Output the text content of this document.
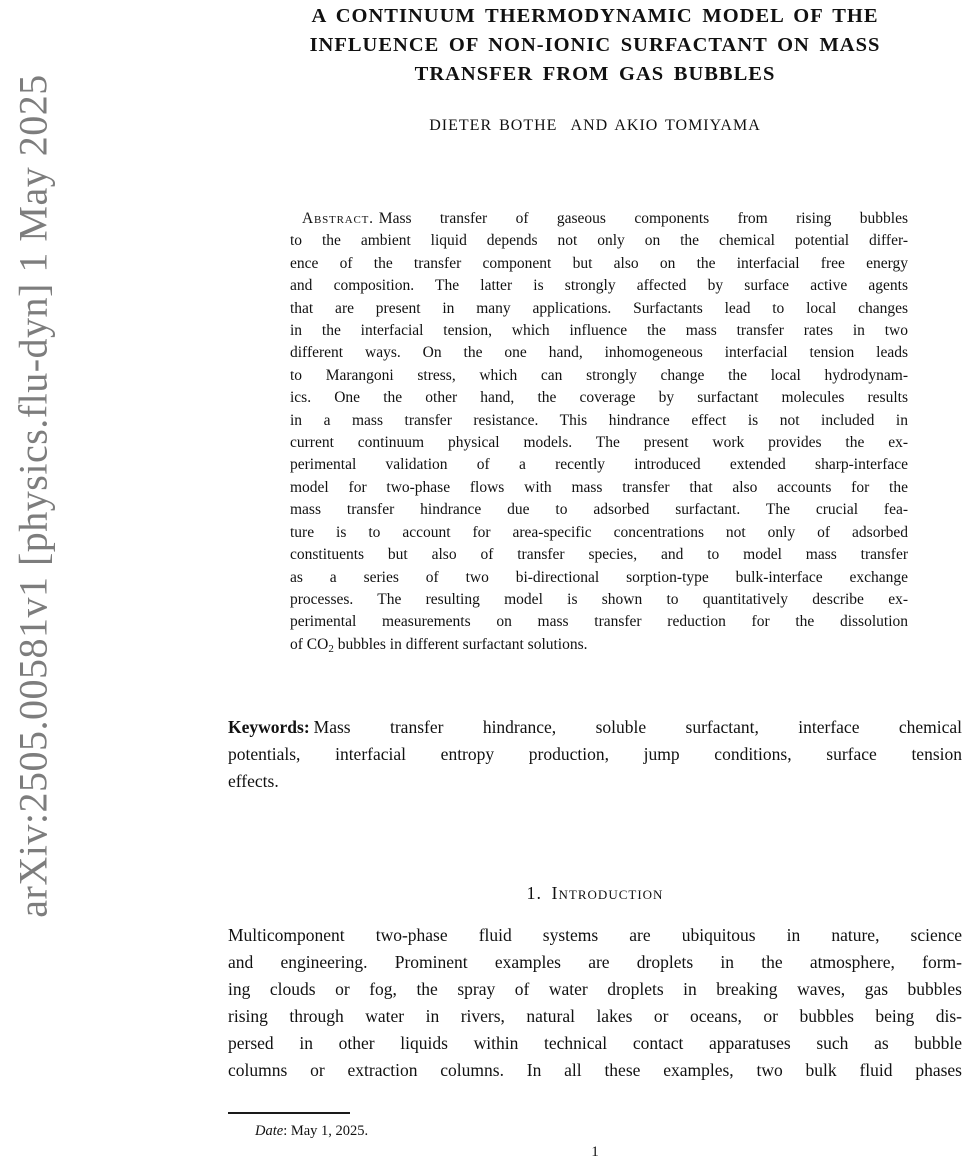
arXiv:2505.00581v1 [physics.flu-dyn] 1 May 2025
A CONTINUUM THERMODYNAMIC MODEL OF THE
INFLUENCE OF NON-IONIC SURFACTANT ON MASS
TRANSFER FROM GAS BUBBLES
DIETER BOTHE  AND AKIO TOMIYAMA
Abstract. Mass transfer of gaseous components from rising bubbles
to the ambient liquid depends not only on the chemical potential differ-
ence of the transfer component but also on the interfacial free energy
and composition. The latter is strongly affected by surface active agents
that are present in many applications. Surfactants lead to local changes
in the interfacial tension, which influence the mass transfer rates in two
different ways. On the one hand, inhomogeneous interfacial tension leads
to Marangoni stress, which can strongly change the local hydrodynam-
ics. One the other hand, the coverage by surfactant molecules results
in a mass transfer resistance. This hindrance effect is not included in
current continuum physical models. The present work provides the ex-
perimental validation of a recently introduced extended sharp-interface
model for two-phase flows with mass transfer that also accounts for the
mass transfer hindrance due to adsorbed surfactant. The crucial fea-
ture is to account for area-specific concentrations not only of adsorbed
constituents but also of transfer species, and to model mass transfer
as a series of two bi-directional sorption-type bulk-interface exchange
processes. The resulting model is shown to quantitatively describe ex-
perimental measurements on mass transfer reduction for the dissolution
of $CO_2$ bubbles in different surfactant solutions.
Keywords: Mass transfer hindrance, soluble surfactant, interface chemical
potentials, interfacial entropy production, jump conditions, surface tension
effects.
1. Introduction
Multicomponent two-phase fluid systems are ubiquitous in nature, science
and engineering. Prominent examples are droplets in the atmosphere, form-
ing clouds or fog, the spray of water droplets in breaking waves, gas bubbles
rising through water in rivers, natural lakes or oceans, or bubbles being dis-
persed in other liquids within technical contact apparatuses such as bubble
columns or extraction columns. In all these examples, two bulk fluid phases
Date: May 1, 2025.
1
